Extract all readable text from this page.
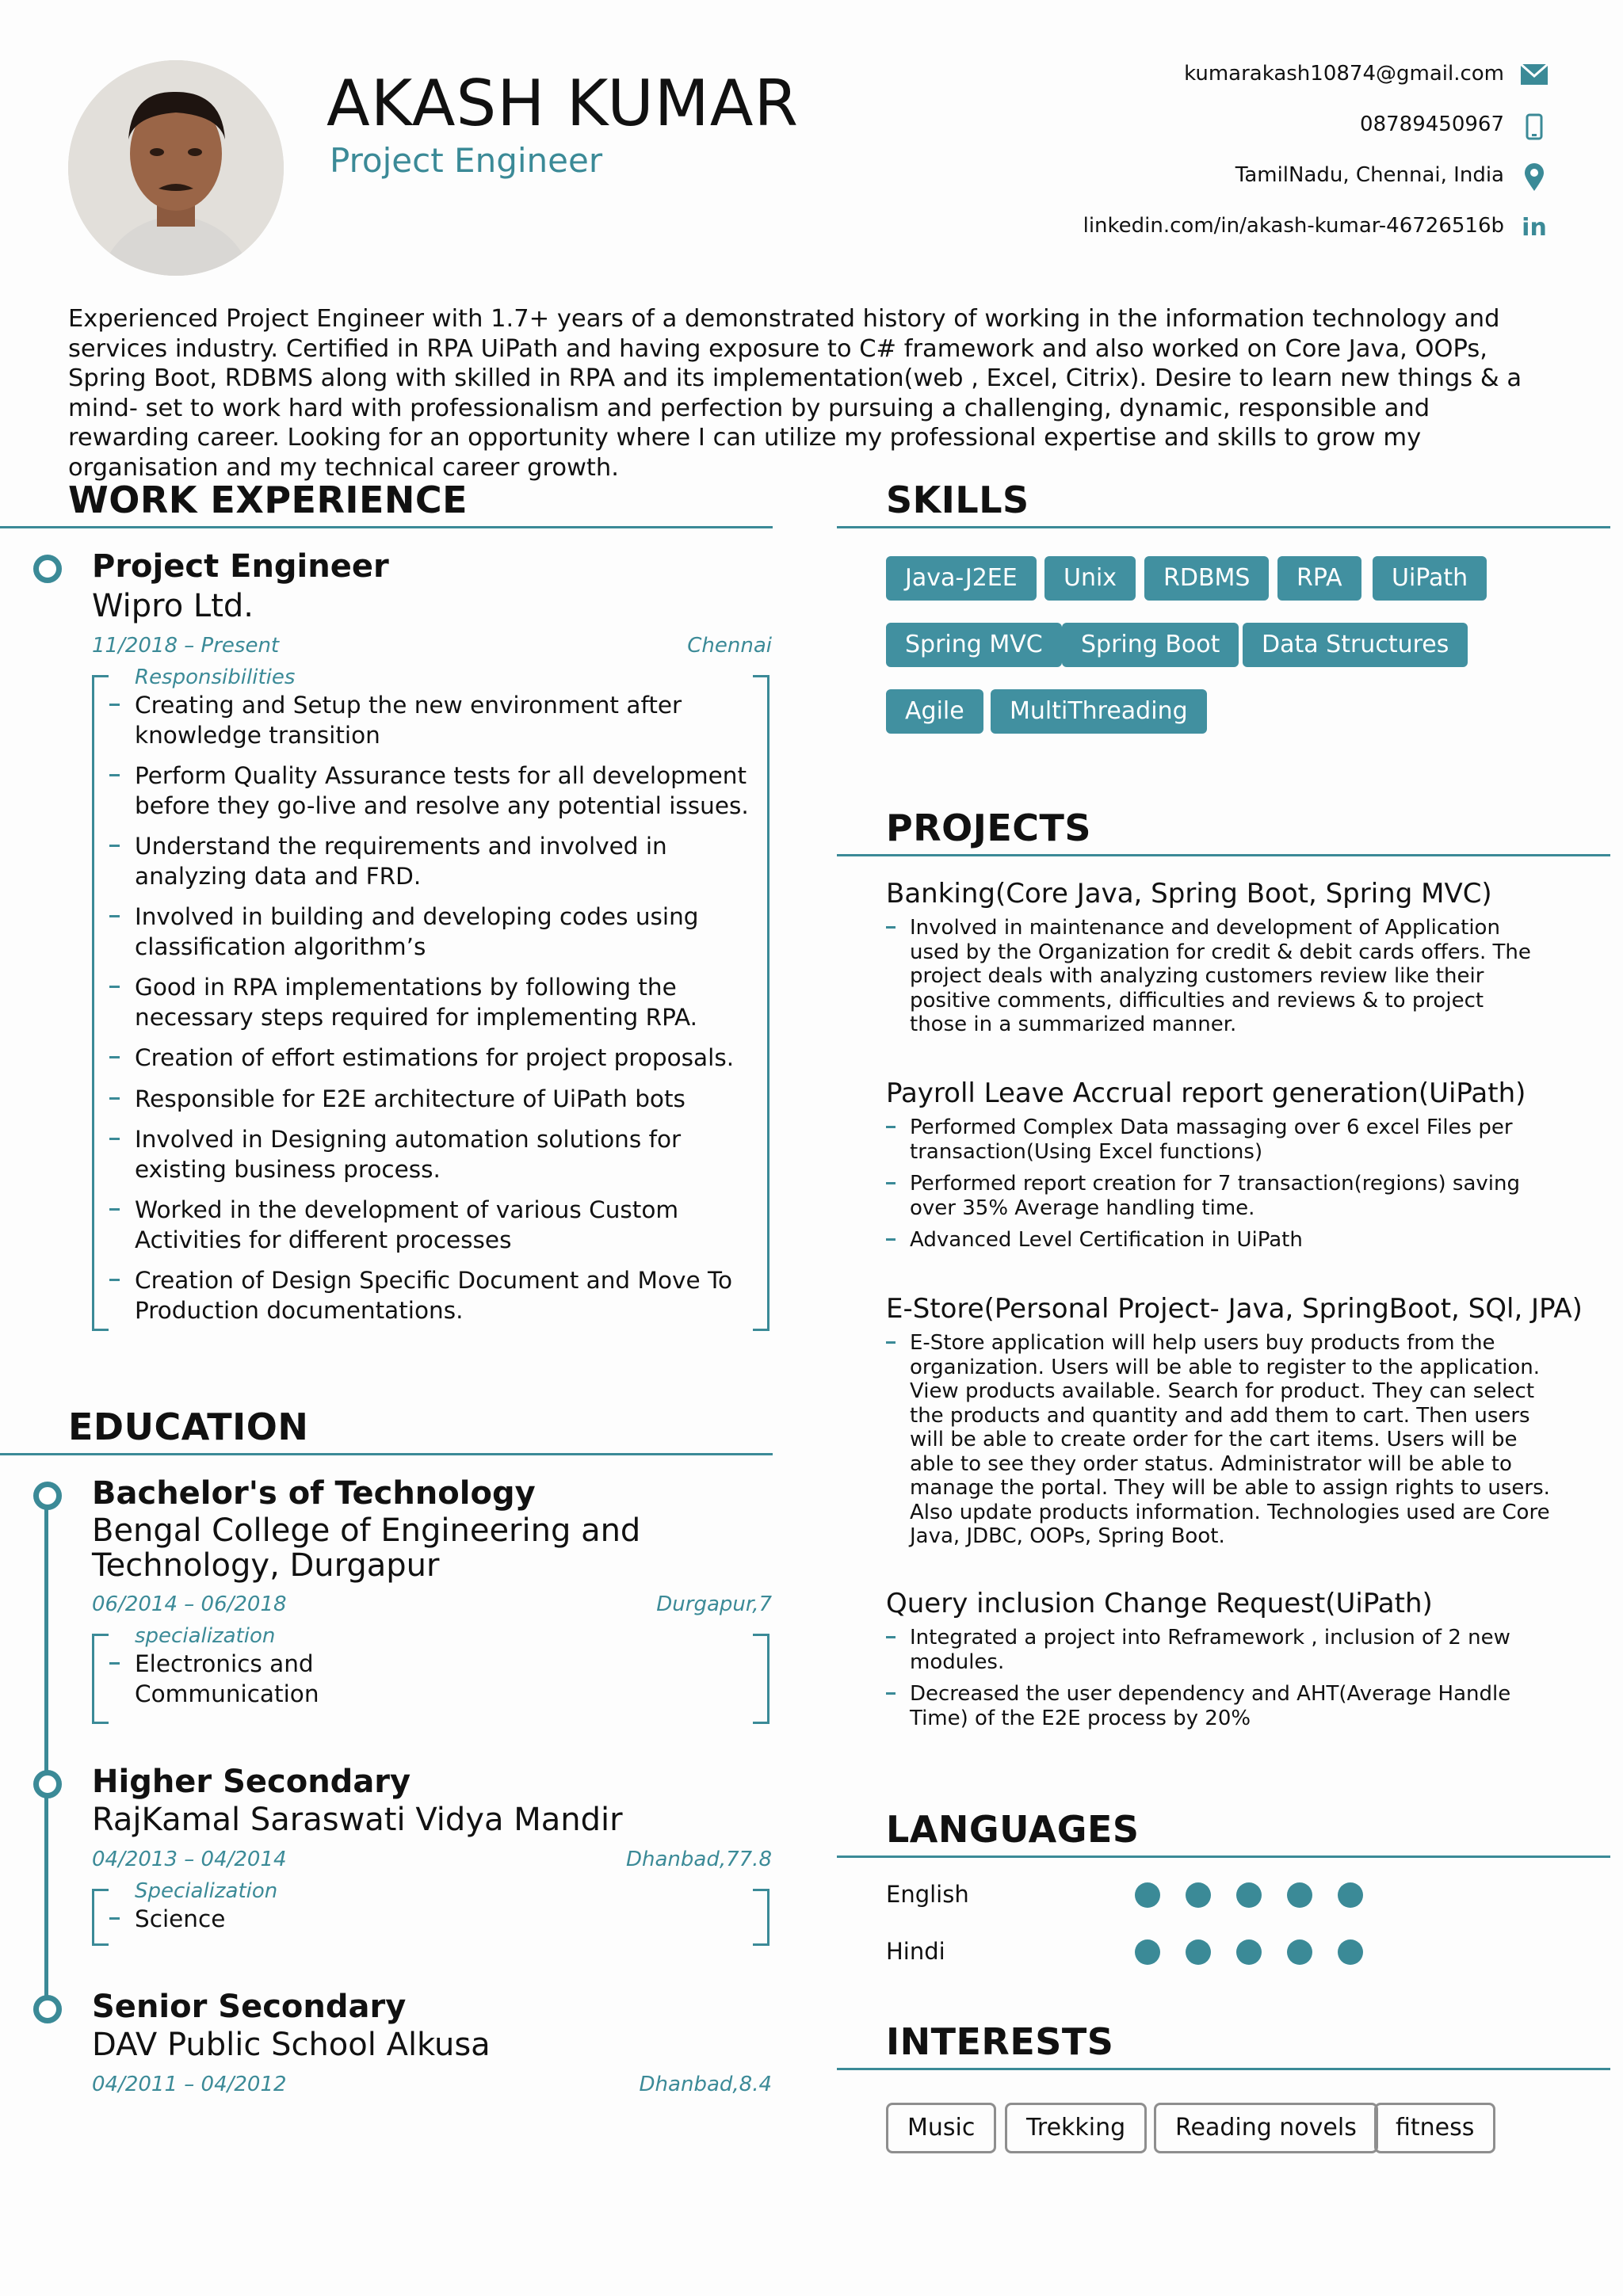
AKASH KUMAR
Project Engineer
kumarakash10874@gmail.com
08789450967
TamilNadu, Chennai, India
linkedin.com/in/akash-kumar-46726516b in
Experienced Project Engineer with 1.7+ years of a demonstrated history of working in the information technology and services industry. Certified in RPA UiPath and having exposure to C# framework and also worked on Core Java, OOPs, Spring Boot, RDBMS along with skilled in RPA and its implementation(web , Excel, Citrix). Desire to learn new things & a mind- set to work hard with professionalism and perfection by pursuing a challenging, dynamic, responsible and rewarding career. Looking for an opportunity where I can utilize my professional expertise and skills to grow my organisation and my technical career growth.
WORK EXPERIENCE
Project Engineer
Wipro Ltd.
11/2018 – Present	Chennai
Responsibilities
Creating and Setup the new environment after knowledge transition
Perform Quality Assurance tests for all development before they go-live and resolve any potential issues.
Understand the requirements and involved in analyzing data and FRD.
Involved in building and developing codes using classification algorithm’s
Good in RPA implementations by following the necessary steps required for implementing RPA.
Creation of effort estimations for project proposals.
Responsible for E2E architecture of UiPath bots
Involved in Designing automation solutions for existing business process.
Worked in the development of various Custom Activities for different processes
Creation of Design Specific Document and Move To Production documentations.
EDUCATION
Bachelor's of Technology
Bengal College of Engineering and Technology, Durgapur
06/2014 – 06/2018	Durgapur,7
specialization
Electronics and Communication
Higher Secondary
RajKamal Saraswati Vidya Mandir
04/2013 – 04/2014	Dhanbad,77.8
Specialization
Science
Senior Secondary
DAV Public School Alkusa
04/2011 – 04/2012	Dhanbad,8.4
SKILLS
Java-J2EE	Unix	RDBMS	RPA	UiPath
Spring MVC	Spring Boot	Data Structures
Agile	MultiThreading
PROJECTS
Banking(Core Java, Spring Boot, Spring MVC)
Involved in maintenance and development of Application used by the Organization for credit & debit cards offers. The project deals with analyzing customers review like their positive comments, difficulties and reviews & to project those in a summarized manner.
Payroll Leave Accrual report generation(UiPath)
Performed Complex Data massaging over 6 excel Files per transaction(Using Excel functions)
Performed report creation for 7 transaction(regions) saving over 35% Average handling time.
Advanced Level Certification in UiPath
E-Store(Personal Project- Java, SpringBoot, SQl, JPA)
E-Store application will help users buy products from the organization. Users will be able to register to the application. View products available. Search for product. They can select the products and quantity and add them to cart. Then users will be able to create order for the cart items. Users will be able to see they order status. Administrator will be able to manage the portal. They will be able to assign rights to users. Also update products information. Technologies used are Core Java, JDBC, OOPs, Spring Boot.
Query inclusion Change Request(UiPath)
Integrated a project into Reframework , inclusion of 2 new modules.
Decreased the user dependency and AHT(Average Handle Time) of the E2E process by 20%
LANGUAGES
English
Hindi
INTERESTS
Music	Trekking	Reading novels	fitness
